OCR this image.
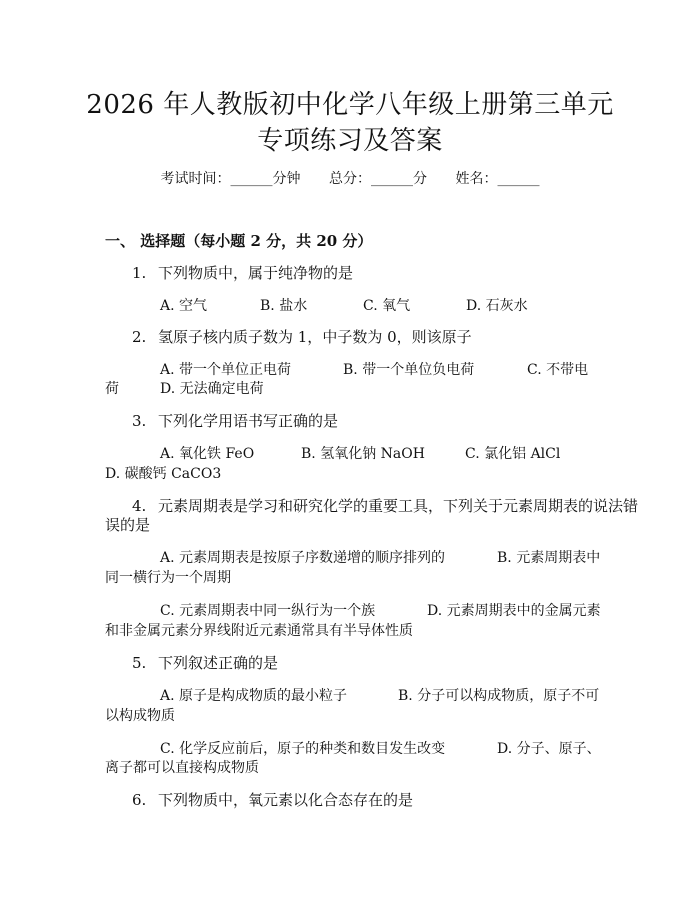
2026 年人教版初中化学八年级上册第三单元
专项练习及答案
考试时间：______分钟 总分：______分 姓名：______
一、 选择题（每小题 2 分，共 20 分）
1. 下列物质中，属于纯净物的是
A. 空气	B. 盐水	C. 氧气	D. 石灰水
2. 氢原子核内质子数为 1，中子数为 0，则该原子
A. 带一个单位正电荷	B. 带一个单位负电荷	C. 不带电
荷	D. 无法确定电荷
3. 下列化学用语书写正确的是
A. 氧化铁 FeO	B. 氢氧化钠 NaOH	C. 氯化铝 AlCl
D. 碳酸钙 CaCO3
4. 元素周期表是学习和研究化学的重要工具，下列关于元素周期表的说法错
误的是
A. 元素周期表是按原子序数递增的顺序排列的	B. 元素周期表中
同一横行为一个周期
C. 元素周期表中同一纵行为一个族	D. 元素周期表中的金属元素
和非金属元素分界线附近元素通常具有半导体性质
5. 下列叙述正确的是
A. 原子是构成物质的最小粒子	B. 分子可以构成物质，原子不可
以构成物质
C. 化学反应前后，原子的种类和数目发生改变	D. 分子、原子、
离子都可以直接构成物质
6. 下列物质中，氧元素以化合态存在的是
